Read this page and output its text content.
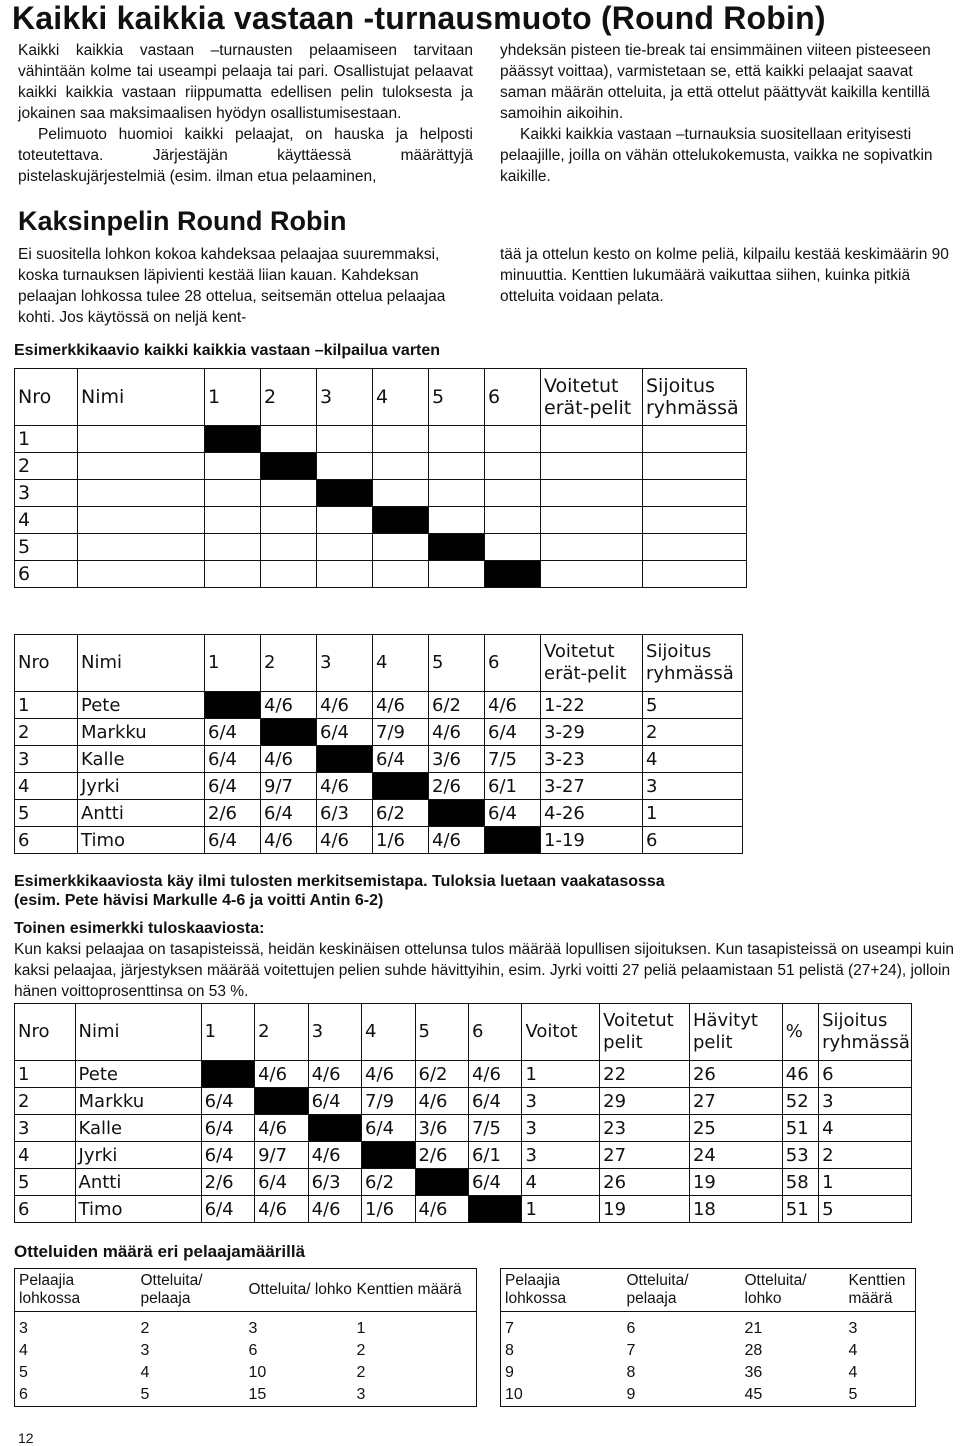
Kaikki kaikkia vastaan -turnausmuoto (Round Robin)

Kaikki kaikkia vastaan –turnausten pelaamiseen tarvitaan vähintään kolme tai useampi pelaaja tai pari. Osallistujat pelaavat kaikki kaikkia vastaan riippumatta edellisen pelin tuloksesta ja jokainen saa maksimaalisen hyödyn osallistumisestaan.

Pelimuoto huomioi kaikki pelaajat, on hauska ja helposti toteutettava. Järjestäjän käyttäessä määrättyjä pistelaskujärjestelmiä (esim. ilman etua pelaaminen,

yhdeksän pisteen tie-break tai ensimmäinen viiteen pisteeseen päässyt voittaa), varmistetaan se, että kaikki pelaajat saavat saman määrän otteluita, ja että ottelut päättyvät kaikilla kentillä samoihin aikoihin.

Kaikki kaikkia vastaan –turnauksia suositellaan erityisesti pelaajille, joilla on vähän ottelukokemusta, vaikka ne sopivatkin kaikille.

Kaksinpelin Round Robin

Ei suositella lohkon kokoa kahdeksaa pelaajaa suuremmaksi, koska turnauksen läpivienti kestää liian kauan. Kahdeksan pelaajan lohkossa tulee 28 ottelua, seitsemän ottelua pelaajaa kohti. Jos käytössä on neljä kent-

tää ja ottelun kesto on kolme peliä, kilpailu kestää keskimäärin 90 minuuttia. Kenttien lukumäärä vaikuttaa siihen, kuinka pitkiä otteluita voidaan pelata.

Esimerkkikaavio kaikki kaikkia vastaan –kilpailua varten
Nro	Nimi	1	2	3	4	5	6	Voitetut erät-pelit	Sijoitus ryhmässä
1									
2									
3									
4									
5									
6									
Nro	Nimi	1	2	3	4	5	6	Voitetut erät-pelit	Sijoitus ryhmässä
1	Pete		4/6	4/6	4/6	6/2	4/6	1-22	5
2	Markku	6/4		6/4	7/9	4/6	6/4	3-29	2
3	Kalle	6/4	4/6		6/4	3/6	7/5	3-23	4
4	Jyrki	6/4	9/7	4/6		2/6	6/1	3-27	3
5	Antti	2/6	6/4	6/3	6/2		6/4	4-26	1
6	Timo	6/4	4/6	4/6	1/6	4/6		1-19	6
Esimerkkikaaviosta käy ilmi tulosten merkitsemistapa. Tuloksia luetaan vaakatasossa (esim. Pete hävisi Markulle 4-6 ja voitti Antin 6-2)
Toinen esimerkki tuloskaaviosta:
Kun kaksi pelaajaa on tasapisteissä, heidän keskinäisen ottelunsa tulos määrää lopullisen sijoituksen. Kun tasapisteissä on useampi kuin kaksi pelaajaa, järjestyksen määrää voitettujen pelien suhde hävittyihin, esim. Jyrki voitti 27 peliä pelaamistaan 51 pelistä (27+24), jolloin hänen voittoprosenttinsa on 53 %.
Nro	Nimi	1	2	3	4	5	6	Voitot	Voitetut pelit	Hävityt pelit	%	Sijoitus ryhmässä
1	Pete		4/6	4/6	4/6	6/2	4/6	1	22	26	46	6
2	Markku	6/4		6/4	7/9	4/6	6/4	3	29	27	52	3
3	Kalle	6/4	4/6		6/4	3/6	7/5	3	23	25	51	4
4	Jyrki	6/4	9/7	4/6		2/6	6/1	3	27	24	53	2
5	Antti	2/6	6/4	6/3	6/2		6/4	4	26	19	58	1
6	Timo	6/4	4/6	4/6	1/6	4/6		1	19	18	51	5
Otteluiden määrä eri pelaajamäärillä
Pelaajia lohkossa	Otteluita/ pelaaja	Otteluita/ lohko	Kenttien määrä
3	2	3	1
4	3	6	2
5	4	10	2
6	5	15	3
Pelaajia lohkossa	Otteluita/ pelaaja	Otteluita/ lohko	Kenttien määrä
7	6	21	3
8	7	28	4
9	8	36	4
10	9	45	5
12
